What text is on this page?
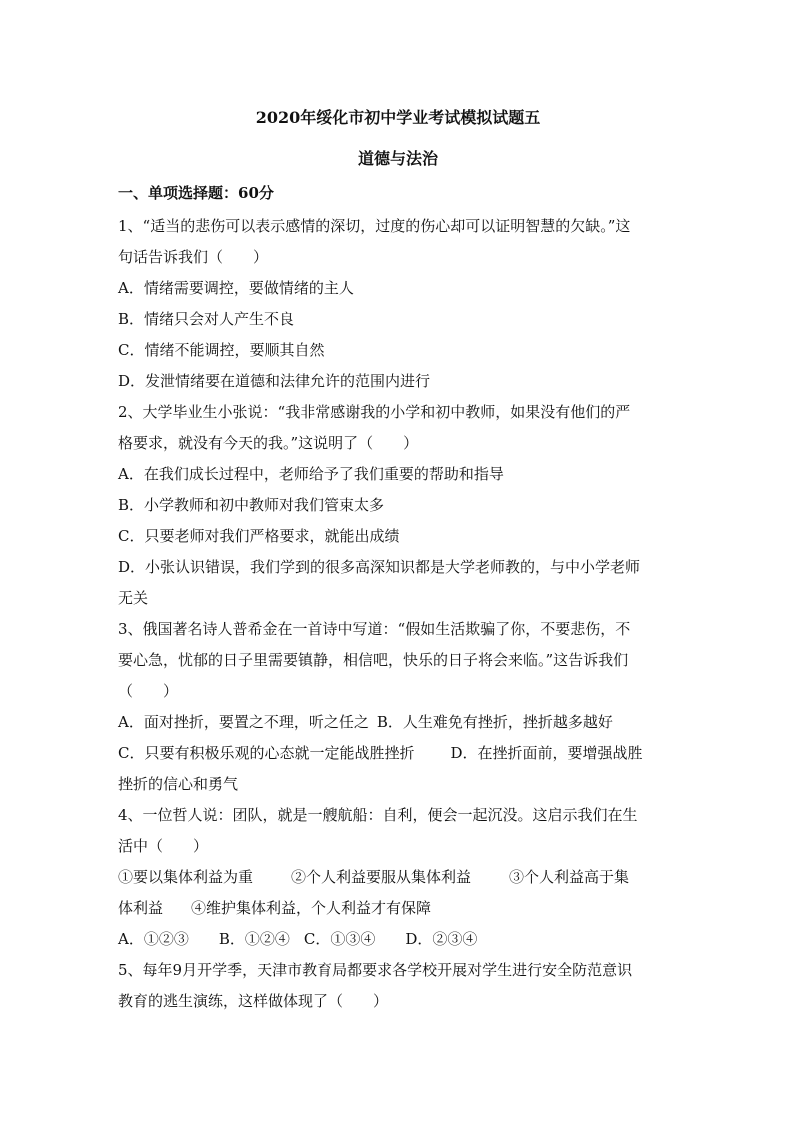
2020年绥化市初中学业考试模拟试题五
道德与法治
一、单项选择题：60分
1、“适当的悲伤可以表示感情的深切，过度的伤心却可以证明智慧的欠缺。”这
句话告诉我们（　　）
A．情绪需要调控，要做情绪的主人
B．情绪只会对人产生不良
C．情绪不能调控，要顺其自然
D．发泄情绪要在道德和法律允许的范围内进行
2、大学毕业生小张说：“我非常感谢我的小学和初中教师，如果没有他们的严
格要求，就没有今天的我。”这说明了（　　）
A．在我们成长过程中，老师给予了我们重要的帮助和指导
B．小学教师和初中教师对我们管束太多
C．只要老师对我们严格要求，就能出成绩
D．小张认识错误，我们学到的很多高深知识都是大学老师教的，与中小学老师
无关
3、俄国著名诗人普希金在一首诗中写道：“假如生活欺骗了你，不要悲伤，不
要心急，忧郁的日子里需要镇静，相信吧，快乐的日子将会来临。”这告诉我们
（　　）
A．面对挫折，要置之不理，听之任之 B．人生难免有挫折，挫折越多越好
C．只要有积极乐观的心态就一定能战胜挫折 D．在挫折面前，要增强战胜
挫折的信心和勇气
4、一位哲人说：团队，就是一艘航船：自利，便会一起沉没。这启示我们在生
活中（　　）
①要以集体利益为重	②个人利益要服从集体利益	③个人利益高于集
体利益 ④维护集体利益，个人利益才有保障
A．①②③ B．①②④ C．①③④ D．②③④
5、每年9月开学季，天津市教育局都要求各学校开展对学生进行安全防范意识
教育的逃生演练，这样做体现了（　　）
